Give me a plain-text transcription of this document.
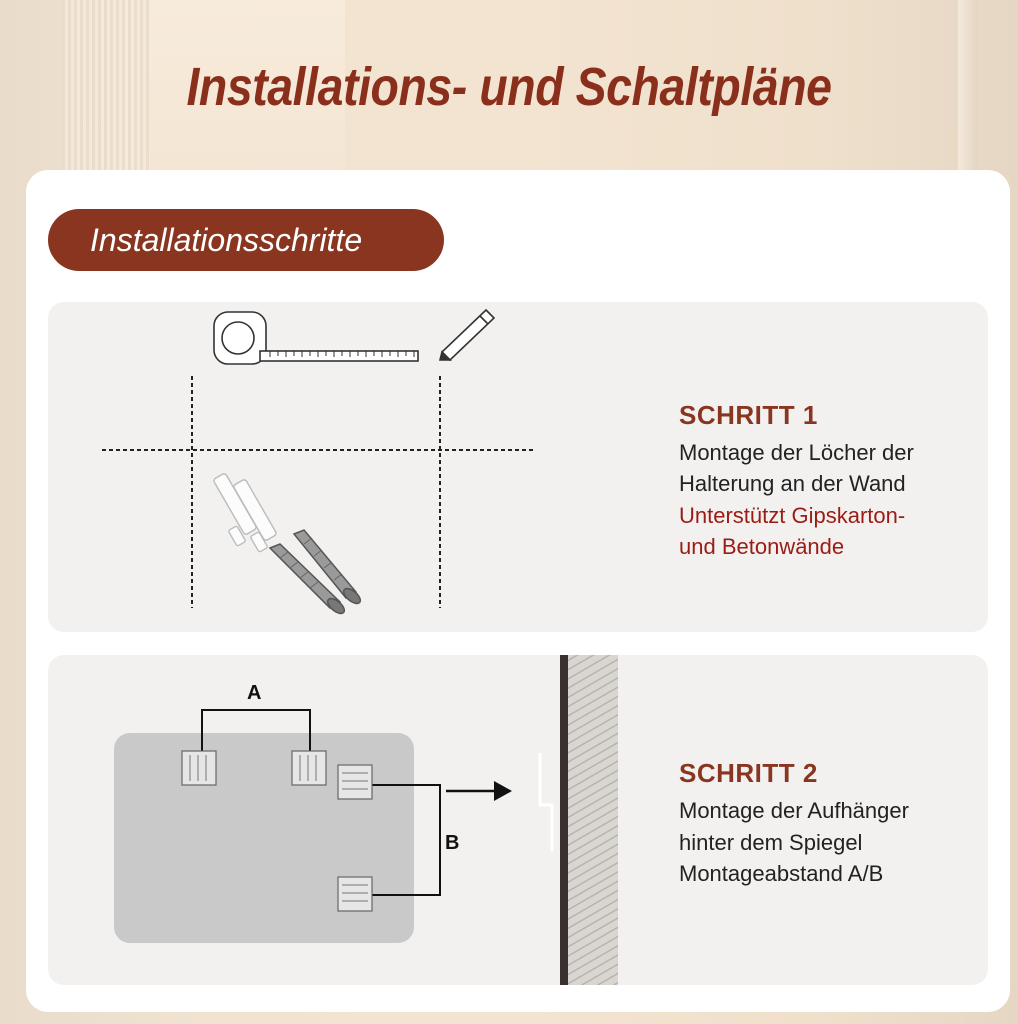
Installations- und Schaltpläne
Installationsschritte
SCHRITT 1
Montage der Löcher der
Halterung an der Wand
Unterstützt Gipskarton-
und Betonwände
A
B
SCHRITT 2
Montage der Aufhänger
hinter dem Spiegel
Montageabstand A/B
